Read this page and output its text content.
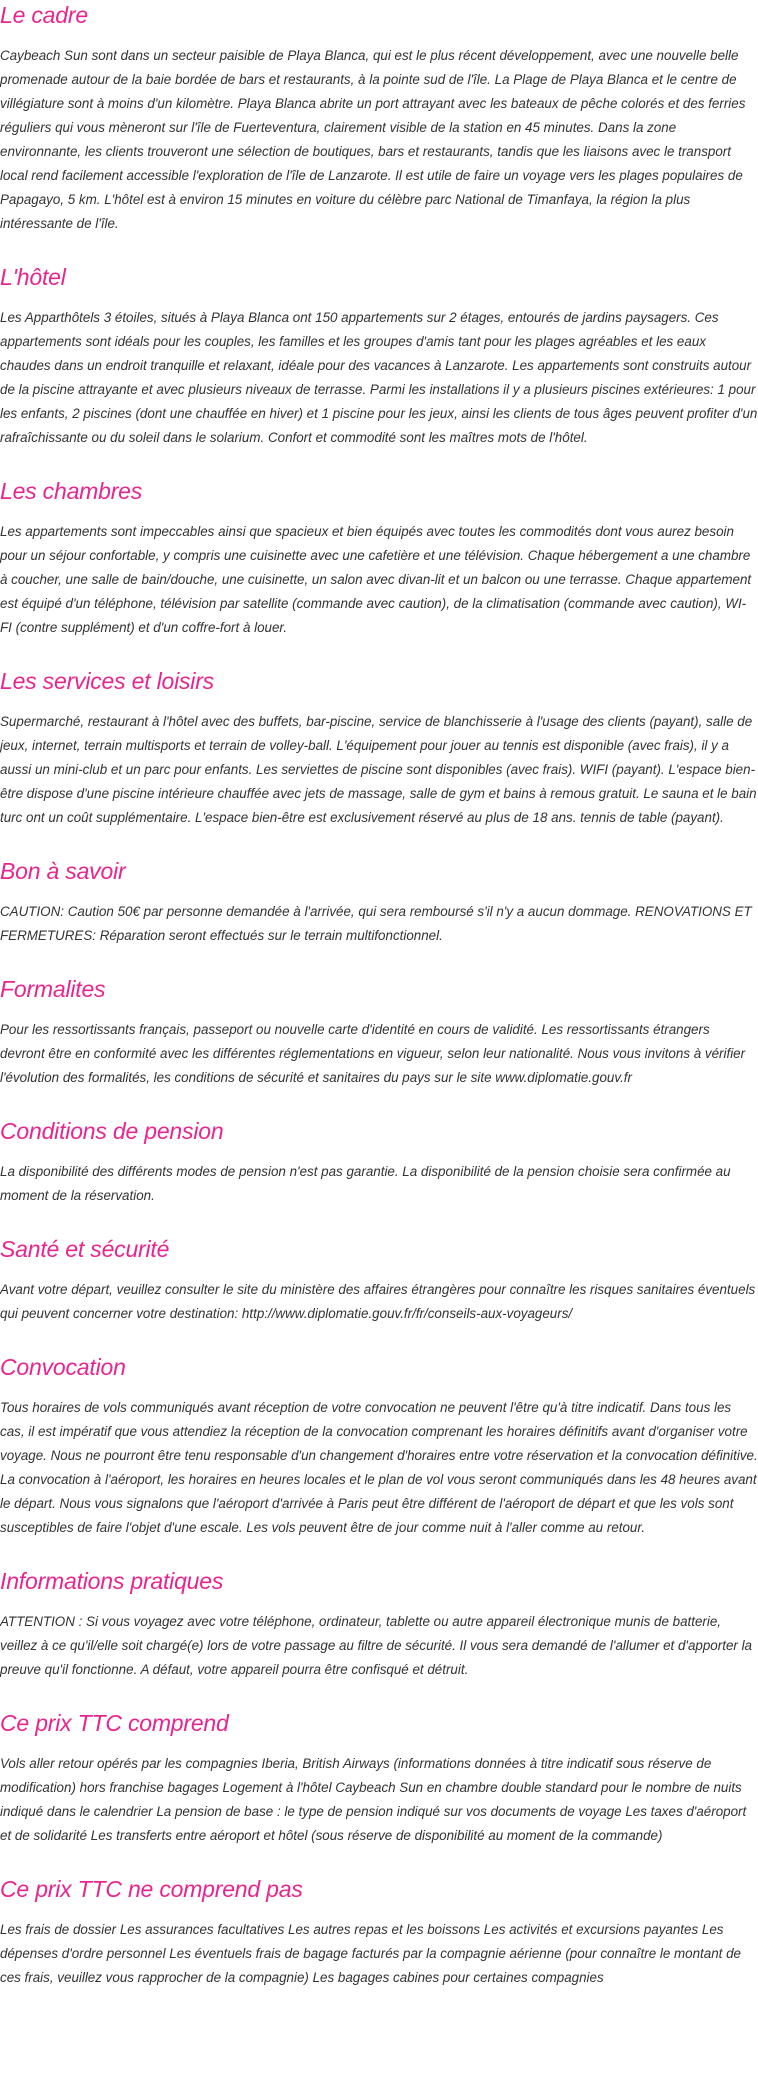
Le cadre

Caybeach Sun sont dans un secteur paisible de Playa Blanca, qui est le plus récent développement, avec une nouvelle belle promenade autour de la baie bordée de bars et restaurants, à la pointe sud de l'île. La Plage de Playa Blanca et le centre de villégiature sont à moins d'un kilomètre. Playa Blanca abrite un port attrayant avec les bateaux de pêche colorés et des ferries réguliers qui vous mèneront sur l'île de Fuerteventura, clairement visible de la station en 45 minutes. Dans la zone environnante, les clients trouveront une sélection de boutiques, bars et restaurants, tandis que les liaisons avec le transport local rend facilement accessible l'exploration de l'île de Lanzarote. Il est utile de faire un voyage vers les plages populaires de Papagayo, 5 km. L'hôtel est à environ 15 minutes en voiture du célèbre parc National de Timanfaya, la région la plus intéressante de l'île.

L'hôtel

Les Apparthôtels 3 étoiles, situés à Playa Blanca ont 150 appartements sur 2 étages, entourés de jardins paysagers. Ces appartements sont idéals pour les couples, les familles et les groupes d'amis tant pour les plages agréables et les eaux chaudes dans un endroit tranquille et relaxant, idéale pour des vacances à Lanzarote. Les appartements sont construits autour de la piscine attrayante et avec plusieurs niveaux de terrasse. Parmi les installations il y a plusieurs piscines extérieures: 1 pour les enfants, 2 piscines (dont une chauffée en hiver) et 1 piscine pour les jeux, ainsi les clients de tous âges peuvent profiter d'un rafraîchissante ou du soleil dans le solarium. Confort et commodité sont les maîtres mots de l'hôtel.

Les chambres

Les appartements sont impeccables ainsi que spacieux et bien équipés avec toutes les commodités dont vous aurez besoin pour un séjour confortable, y compris une cuisinette avec une cafetière et une télévision. Chaque hébergement a une chambre à coucher, une salle de bain/douche, une cuisinette, un salon avec divan-lit et un balcon ou une terrasse. Chaque appartement est équipé d'un téléphone, télévision par satellite (commande avec caution), de la climatisation (commande avec caution), WI-FI (contre supplément) et d'un coffre-fort à louer.

Les services et loisirs

Supermarché, restaurant à l'hôtel avec des buffets, bar-piscine, service de blanchisserie à l'usage des clients (payant), salle de jeux, internet, terrain multisports et terrain de volley-ball. L'équipement pour jouer au tennis est disponible (avec frais), il y a aussi un mini-club et un parc pour enfants. Les serviettes de piscine sont disponibles (avec frais). WIFI (payant). L'espace bien-être dispose d'une piscine intérieure chauffée avec jets de massage, salle de gym et bains à remous gratuit. Le sauna et le bain turc ont un coût supplémentaire. L'espace bien-être est exclusivement réservé au plus de 18 ans. tennis de table (payant).

Bon à savoir

CAUTION: Caution 50€ par personne demandée à l'arrivée, qui sera remboursé s'il n'y a aucun dommage. RENOVATIONS ET FERMETURES: Réparation seront effectués sur le terrain multifonctionnel.

Formalites

Pour les ressortissants français, passeport ou nouvelle carte d'identité en cours de validité. Les ressortissants étrangers devront être en conformité avec les différentes réglementations en vigueur, selon leur nationalité. Nous vous invitons à vérifier l'évolution des formalités, les conditions de sécurité et sanitaires du pays sur le site www.diplomatie.gouv.fr

Conditions de pension

La disponibilité des différents modes de pension n'est pas garantie. La disponibilité de la pension choisie sera confirmée au moment de la réservation.

Santé et sécurité

Avant votre départ, veuillez consulter le site du ministère des affaires étrangères pour connaître les risques sanitaires éventuels qui peuvent concerner votre destination: http://www.diplomatie.gouv.fr/fr/conseils-aux-voyageurs/

Convocation

Tous horaires de vols communiqués avant réception de votre convocation ne peuvent l'être qu'à titre indicatif. Dans tous les cas, il est impératif que vous attendiez la réception de la convocation comprenant les horaires définitifs avant d'organiser votre voyage. Nous ne pourront être tenu responsable d'un changement d'horaires entre votre réservation et la convocation définitive. La convocation à l'aéroport, les horaires en heures locales et le plan de vol vous seront communiqués dans les 48 heures avant le départ. Nous vous signalons que l'aéroport d'arrivée à Paris peut être différent de l'aéroport de départ et que les vols sont susceptibles de faire l'objet d'une escale. Les vols peuvent être de jour comme nuit à l'aller comme au retour.

Informations pratiques

ATTENTION : Si vous voyagez avec votre téléphone, ordinateur, tablette ou autre appareil électronique munis de batterie, veillez à ce qu'il/elle soit chargé(e) lors de votre passage au filtre de sécurité. Il vous sera demandé de l'allumer et d'apporter la preuve qu'il fonctionne. A défaut, votre appareil pourra être confisqué et détruit.

Ce prix TTC comprend

Vols aller retour opérés par les compagnies Iberia, British Airways (informations données à titre indicatif sous réserve de modification) hors franchise bagages Logement à l'hôtel Caybeach Sun en chambre double standard pour le nombre de nuits indiqué dans le calendrier La pension de base : le type de pension indiqué sur vos documents de voyage Les taxes d'aéroport et de solidarité Les transferts entre aéroport et hôtel (sous réserve de disponibilité au moment de la commande)

Ce prix TTC ne comprend pas

Les frais de dossier Les assurances facultatives Les autres repas et les boissons Les activités et excursions payantes Les dépenses d'ordre personnel Les éventuels frais de bagage facturés par la compagnie aérienne (pour connaître le montant de ces frais, veuillez vous rapprocher de la compagnie) Les bagages cabines pour certaines compagnies
